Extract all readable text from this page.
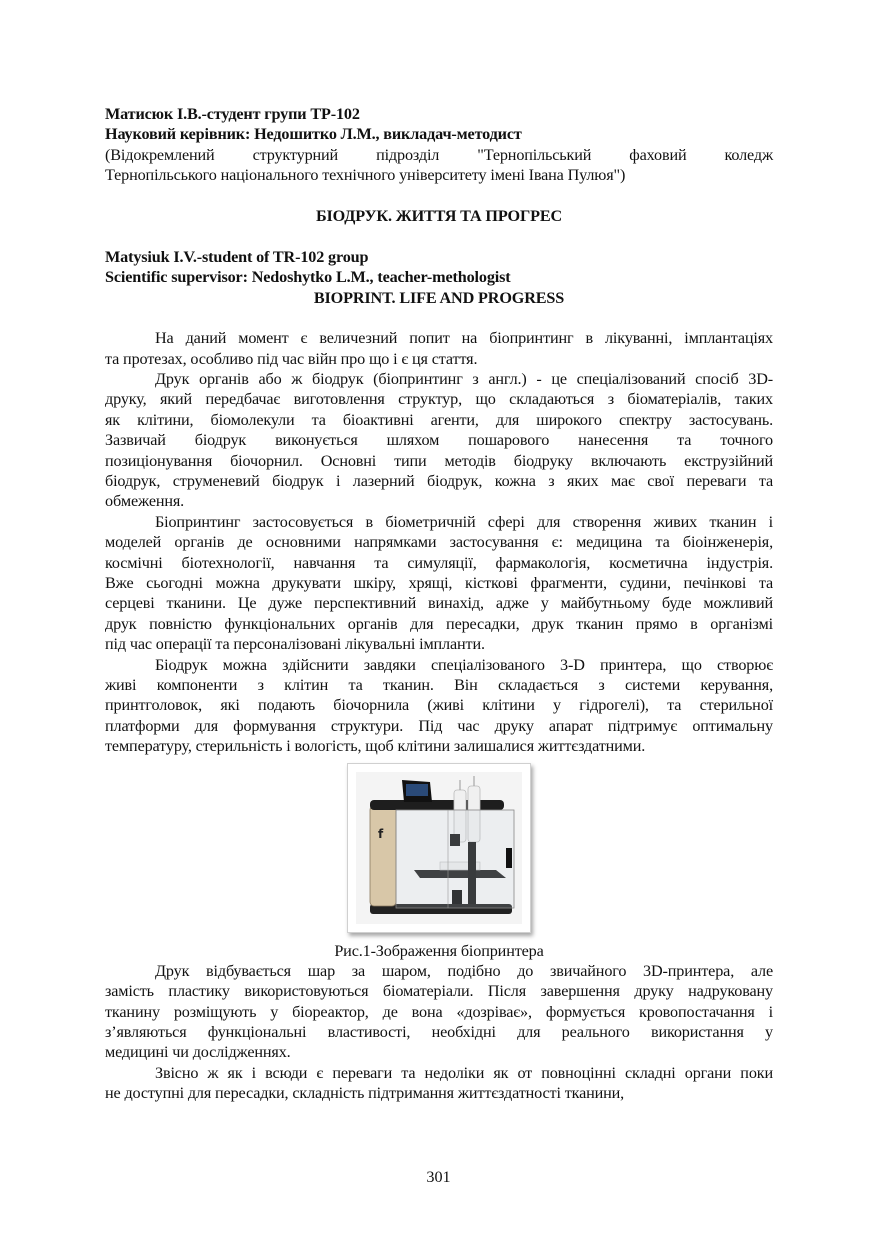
Матисюк І.В.-студент групи ТР-102
Науковий керівник: Недошитко Л.М., викладач-методист
(Відокремлений структурний підрозділ "Тернопільський фаховий коледж
Тернопільського національного технічного університету імені Івана Пулюя")
БІОДРУК. ЖИТТЯ ТА ПРОГРЕС
Matysiuk I.V.-student of TR-102 group
Scientific supervisor: Nedoshytko L.M., teacher-methologist
BIOPRINT. LIFE AND PROGRESS
На даний момент є величезний попит на біопринтинг в лікуванні, імплантаціях
та протезах, особливо під час війн про що і є ця стаття.
Друк органів або ж біодрук (біопринтинг з англ.) - це спеціалізований спосіб 3D-
друку, який передбачає виготовлення структур, що складаються з біоматеріалів, таких
як клітини, біомолекули та біоактивні агенти, для широкого спектру застосувань.
Зазвичай біодрук виконується шляхом пошарового нанесення та точного
позиціонування біочорнил. Основні типи методів біодруку включають екструзійний
біодрук, струменевий біодрук і лазерний біодрук, кожна з яких має свої переваги та
обмеження.
Біопринтинг застосовується в біометричній сфері для створення живих тканин і
моделей органів де основними напрямками застосування є: медицина та біоінженерія,
космічні біотехнології, навчання та симуляції, фармакологія, косметична індустрія.
Вже сьогодні можна друкувати шкіру, хрящі, кісткові фрагменти, судини, печінкові та
серцеві тканини. Це дуже перспективний винахід, адже у майбутньому буде можливий
друк повністю функціональних органів для пересадки, друк тканин прямо в організмі
під час операції та персоналізовані лікувальні імпланти.
Біодрук можна здійснити завдяки спеціалізованого 3-D принтера, що створює
живі компоненти з клітин та тканин. Він складається з системи керування,
принтголовок, які подають біочорнила (живі клітини у гідрогелі), та стерильної
платформи для формування структури. Під час друку апарат підтримує оптимальну
температуру, стерильність і вологість, щоб клітини залишалися життєздатними.
f
Рис.1-Зображення біопринтера
Друк відбувається шар за шаром, подібно до звичайного 3D-принтера, але
замість пластику використовуються біоматеріали. Після завершення друку надруковану
тканину розміщують у біореактор, де вона «дозріває», формується кровопостачання і
з’являються функціональні властивості, необхідні для реального використання у
медицині чи дослідженнях.
Звісно ж як і всюди є переваги та недоліки як от повноцінні складні органи поки
не доступні для пересадки, складність підтримання життєздатності тканини,
301
